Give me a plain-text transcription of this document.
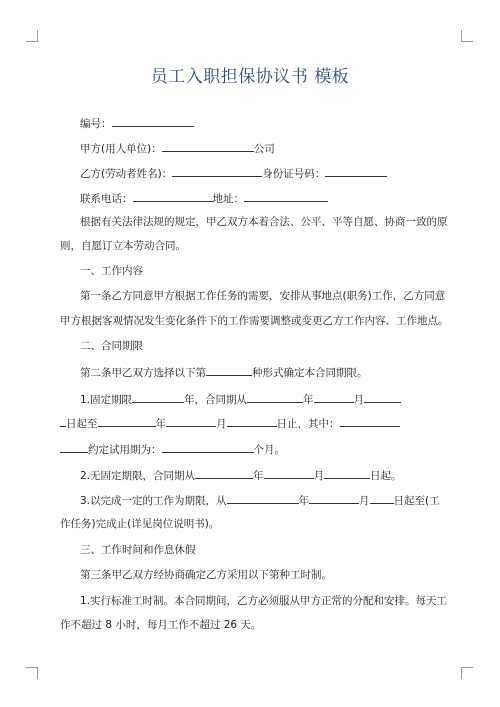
员工入职担保协议书 模板
编号：
甲方(用人单位)：	公司
乙方(劳动者姓名)：	身份证号码：
联系电话：	地址：
根据有关法律法规的规定，甲乙双方本着合法、公平、平等自愿、协商一致的原
则，自愿订立本劳动合同。
一、工作内容
第一条乙方同意甲方根据工作任务的需要，安排从事地点(职务)工作，乙方同意
甲方根据客观情况发生变化条件下的工作需要调整或变更乙方工作内容、工作地点。
二、合同期限
第二条甲乙双方选择以下第	种形式确定本合同期限。
1.固定期限	年，合同期从	年	月
日起至	年	月	日止，其中：
约定试用期为：	个月。
2.无固定期限，合同期从	年	月	日起。
3.以完成一定的工作为期限，从	年	月 日起至(工
作任务)完成止(详见岗位说明书)。
三、工作时间和作息休假
第三条甲乙双方经协商确定乙方采用以下第种工时制。
1.实行标准工时制。本合同期间，乙方必须服从甲方正常的分配和安排。每天工
作不超过 8 小时，每月工作不超过 26 天。
